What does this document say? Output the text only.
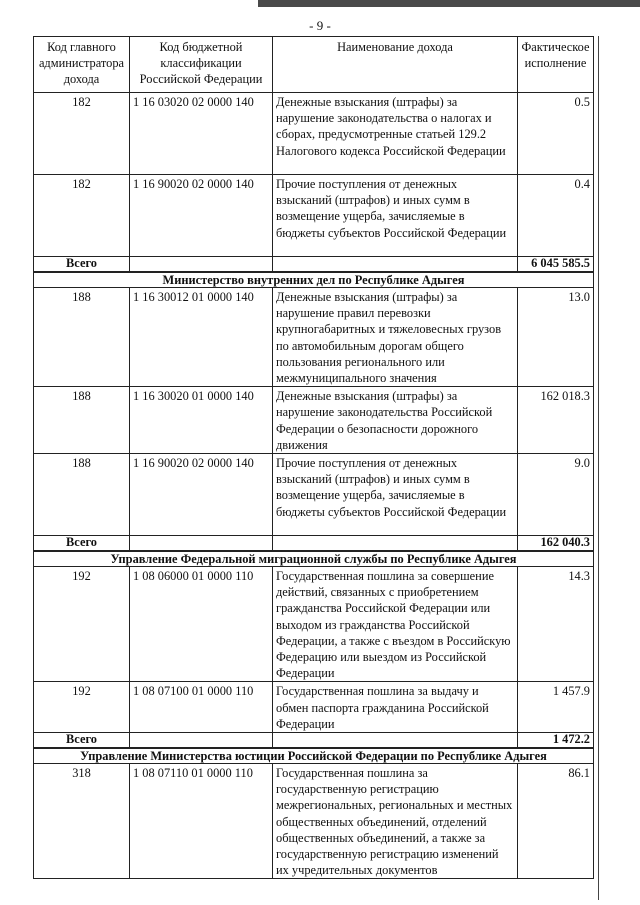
- 9 -
Код главного администратора дохода	Код бюджетной классификации Российской Федерации	Наименование дохода	Фактическое исполнение
182	1 16 03020 02 0000 140	Денежные взыскания (штрафы) за нарушение законодательства о налогах и сборах, предусмотренные статьей 129.2 Налогового кодекса Российской Федерации	0.5
182	1 16 90020 02 0000 140	Прочие поступления от денежных взысканий (штрафов) и иных сумм в возмещение ущерба, зачисляемые в бюджеты субъектов Российской Федерации	0.4
Всего			6 045 585.5
Министерство внутренних дел по Республике Адыгея			
188	1 16 30012 01 0000 140	Денежные взыскания (штрафы) за нарушение правил перевозки крупногабаритных и тяжеловесных грузов по автомобильным дорогам общего пользования регионального или межмуниципального значения	13.0
188	1 16 30020 01 0000 140	Денежные взыскания (штрафы) за нарушение законодательства Российской Федерации о безопасности дорожного движения	162 018.3
188	1 16 90020 02 0000 140	Прочие поступления от денежных взысканий (штрафов) и иных сумм в возмещение ущерба, зачисляемые в бюджеты субъектов Российской Федерации	9.0
Всего			162 040.3
Управление Федеральной миграционной службы по Республике Адыгея			
192	1 08 06000 01 0000 110	Государственная пошлина за совершение действий, связанных с приобретением гражданства Российской Федерации или выходом из гражданства Российской Федерации, а также с въездом в Российскую Федерацию или выездом из Российской Федерации	14.3
192	1 08 07100 01 0000 110	Государственная пошлина за выдачу и обмен паспорта гражданина Российской Федерации	1 457.9
Всего			1 472.2
Управление Министерства юстиции Российской Федерации по Республике Адыгея			
318	1 08 07110 01 0000 110	Государственная пошлина за государственную регистрацию межрегиональных, региональных и местных общественных объединений, отделений общественных объединений, а также за государственную регистрацию изменений их учредительных документов	86.1
